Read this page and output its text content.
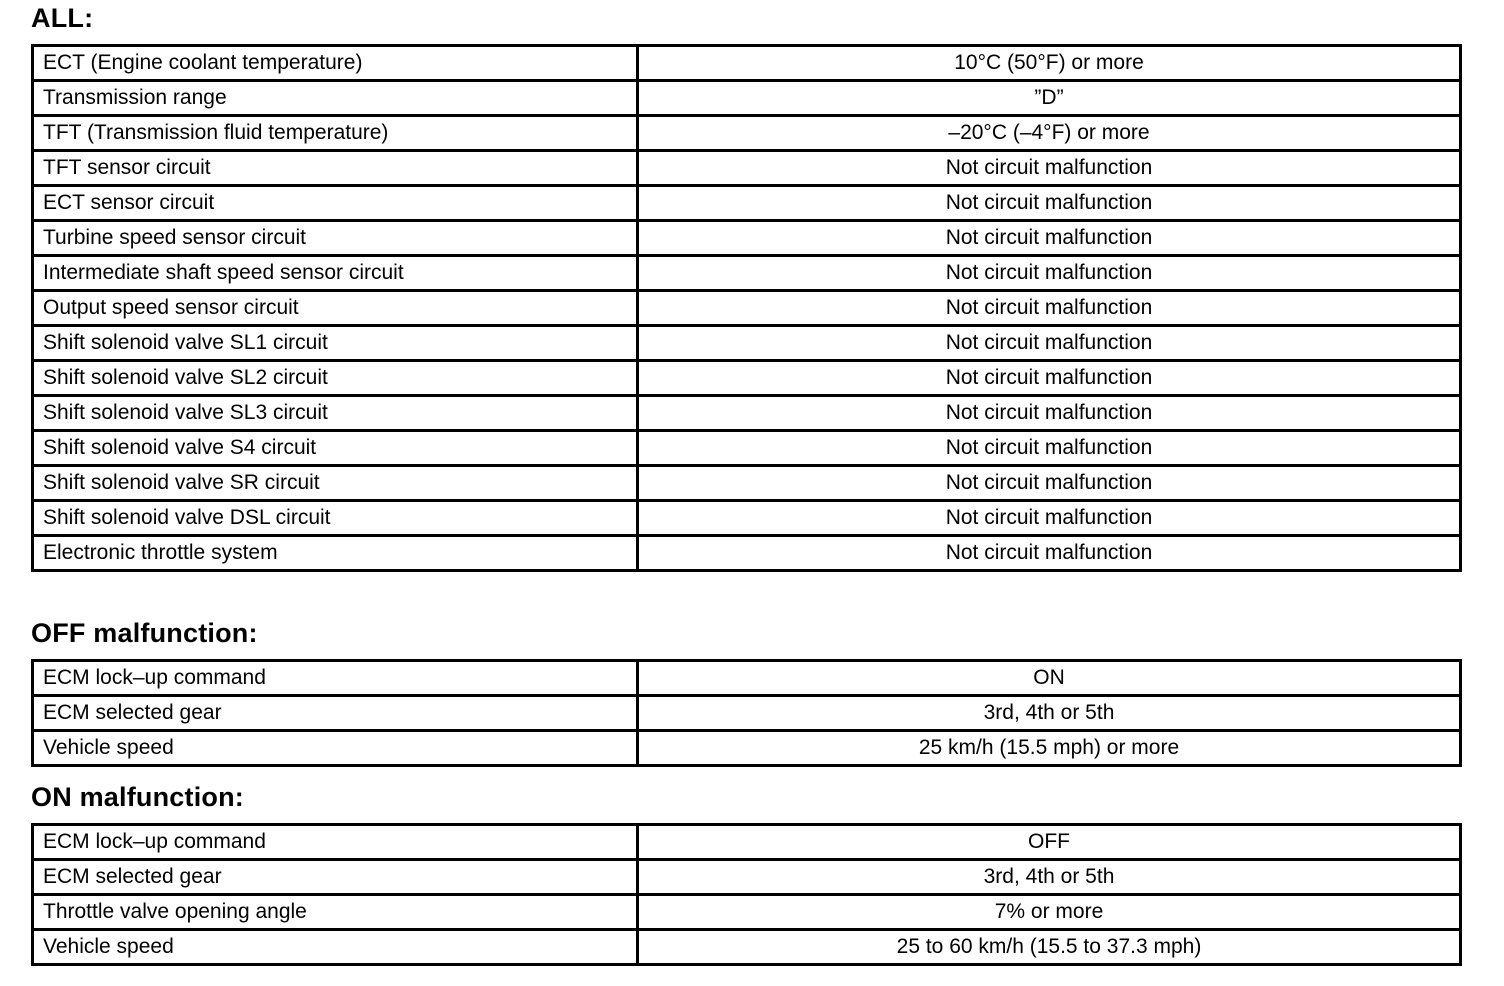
ALL:
ECT (Engine coolant temperature)	10°C (50°F) or more
Transmission range	”D”
TFT (Transmission fluid temperature)	–20°C (–4°F) or more
TFT sensor circuit	Not circuit malfunction
ECT sensor circuit	Not circuit malfunction
Turbine speed sensor circuit	Not circuit malfunction
Intermediate shaft speed sensor circuit	Not circuit malfunction
Output speed sensor circuit	Not circuit malfunction
Shift solenoid valve SL1 circuit	Not circuit malfunction
Shift solenoid valve SL2 circuit	Not circuit malfunction
Shift solenoid valve SL3 circuit	Not circuit malfunction
Shift solenoid valve S4 circuit	Not circuit malfunction
Shift solenoid valve SR circuit	Not circuit malfunction
Shift solenoid valve DSL circuit	Not circuit malfunction
Electronic throttle system	Not circuit malfunction
OFF malfunction:
ECM lock–up command	ON
ECM selected gear	3rd, 4th or 5th
Vehicle speed	25 km/h (15.5 mph) or more
ON malfunction:
ECM lock–up command	OFF
ECM selected gear	3rd, 4th or 5th
Throttle valve opening angle	7% or more
Vehicle speed	25 to 60 km/h (15.5 to 37.3 mph)
